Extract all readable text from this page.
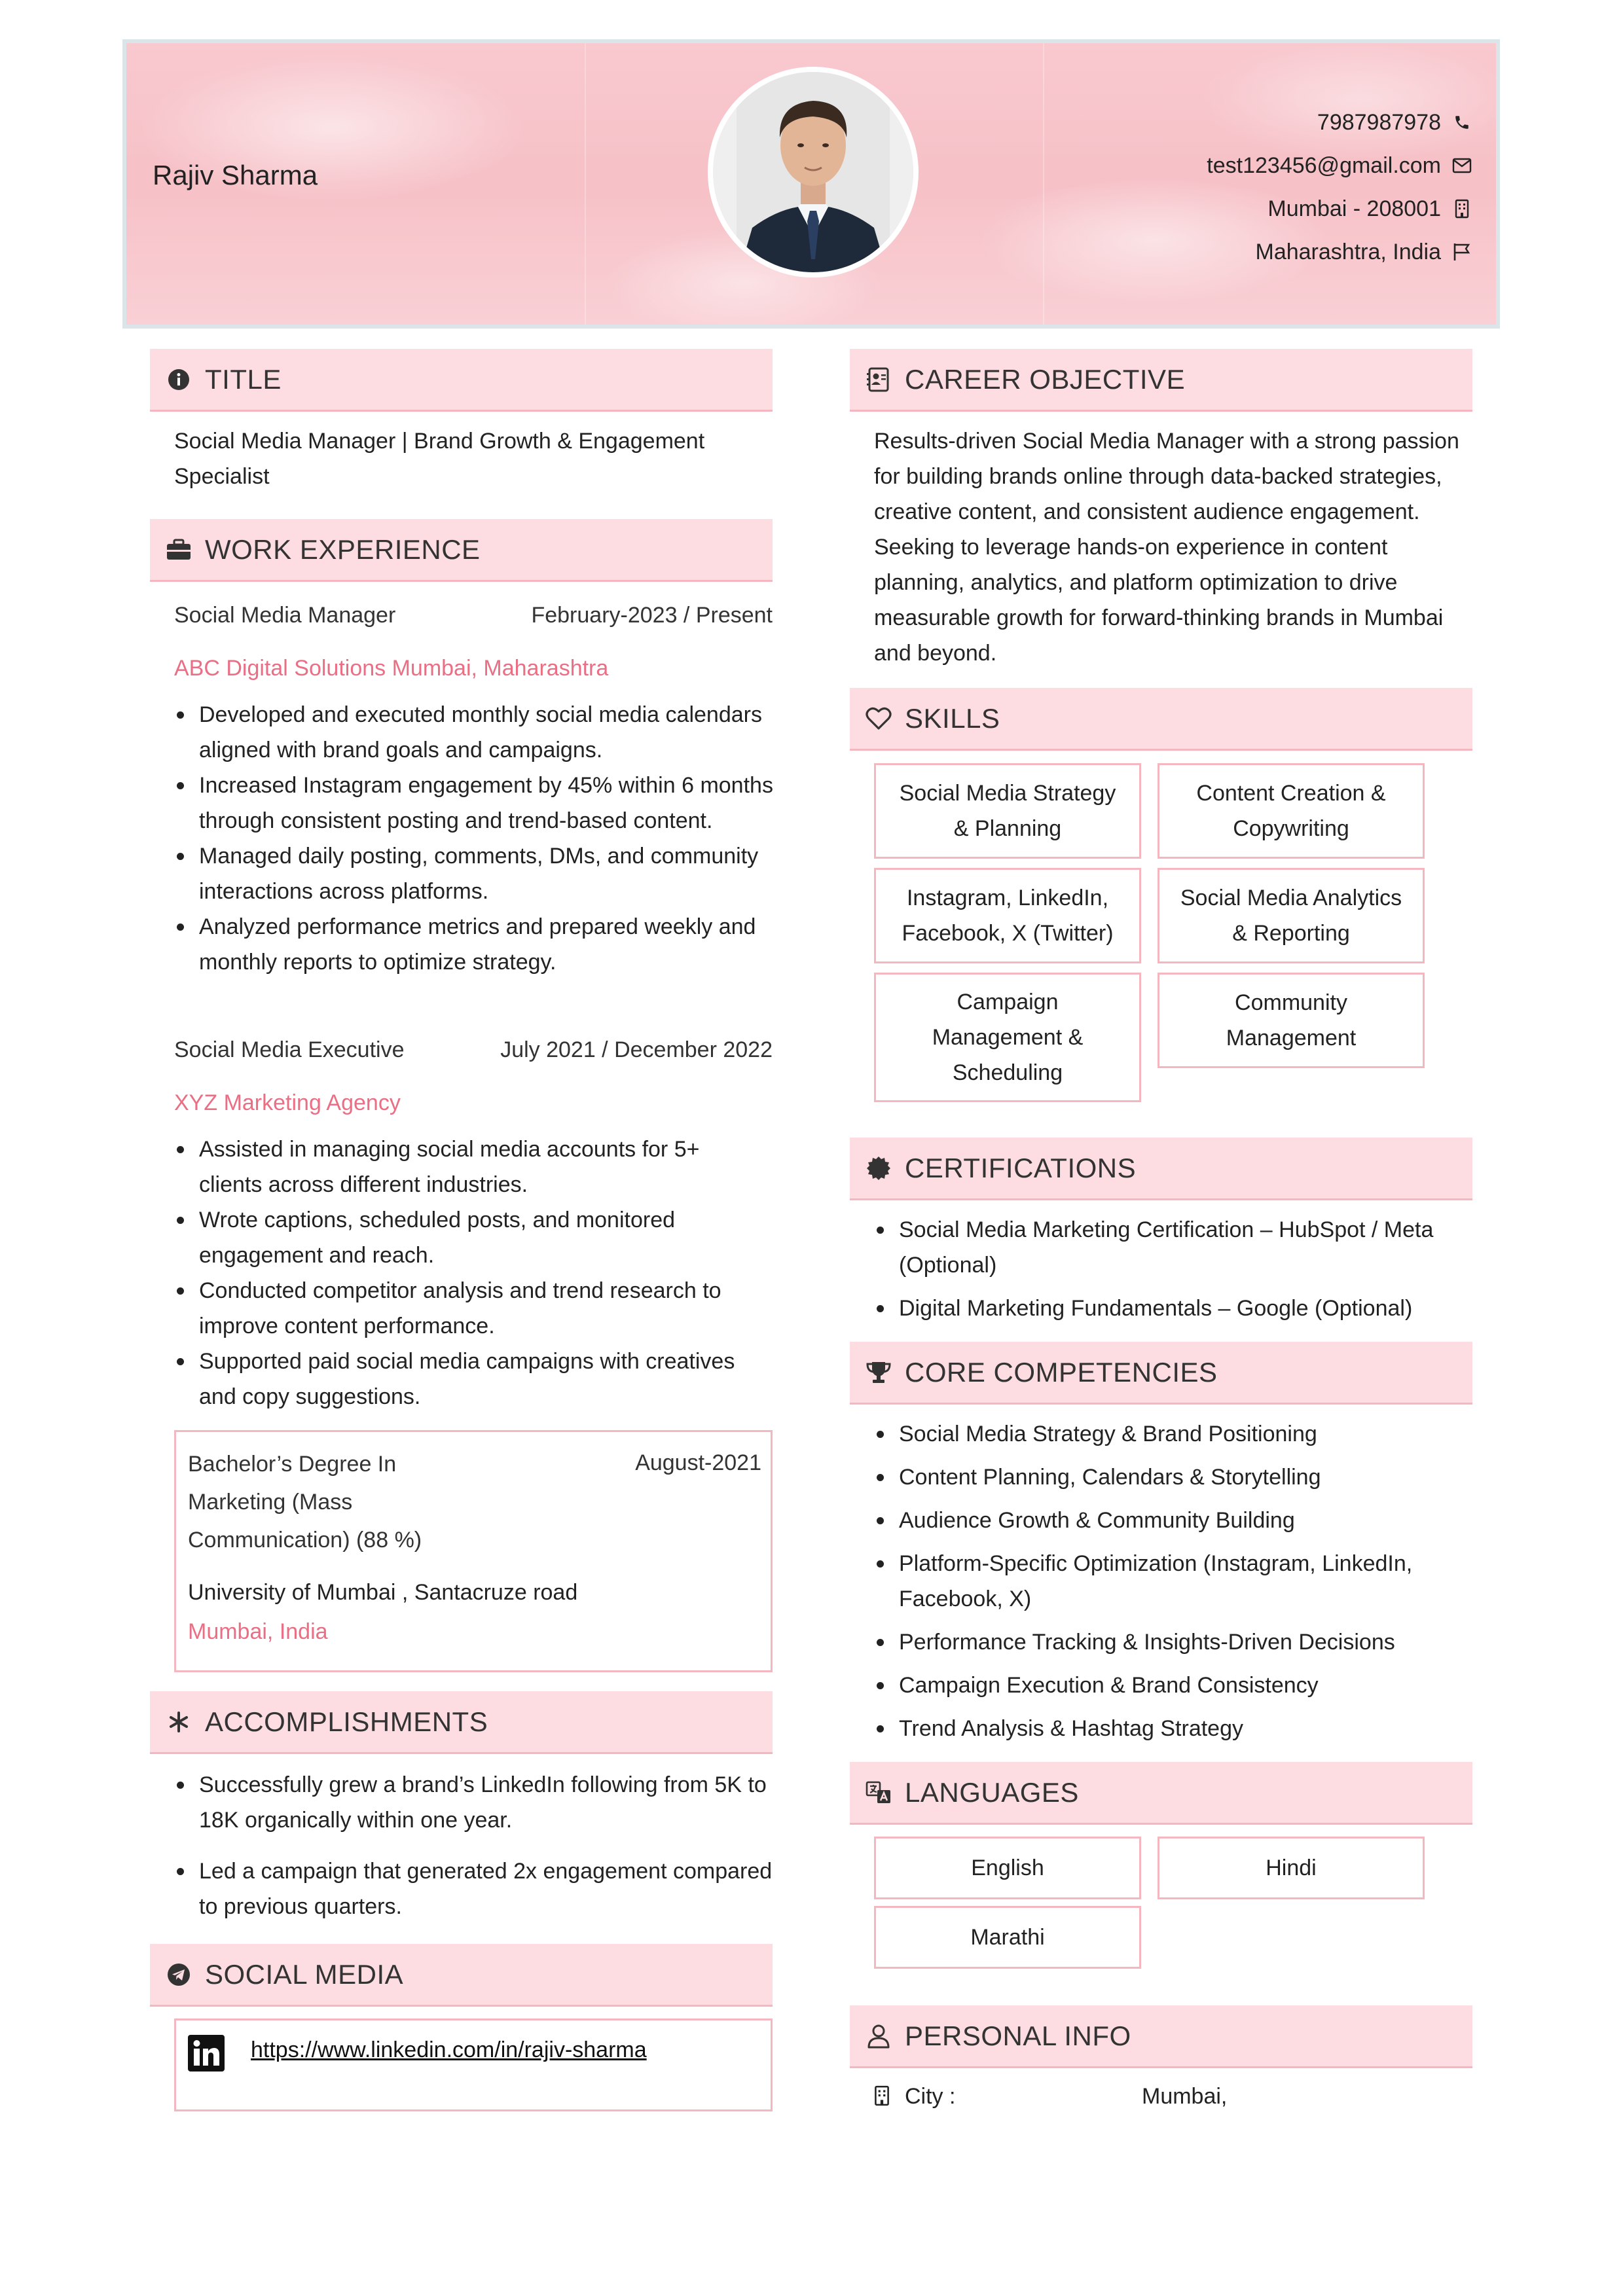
Rajiv Sharma
7987987978
test123456@gmail.com
Mumbai - 208001
Maharashtra, India
TITLE
Social Media Manager | Brand Growth & Engagement Specialist
WORK EXPERIENCE
Social Media Manager	February-2023 / Present
ABC Digital Solutions Mumbai, Maharashtra
Developed and executed monthly social media calendars aligned with brand goals and campaigns.
Increased Instagram engagement by 45% within 6 months through consistent posting and trend-based content.
Managed daily posting, comments, DMs, and community interactions across platforms.
Analyzed performance metrics and prepared weekly and monthly reports to optimize strategy.
Social Media Executive	July 2021 / December 2022
XYZ Marketing Agency
Assisted in managing social media accounts for 5+ clients across different industries.
Wrote captions, scheduled posts, and monitored engagement and reach.
Conducted competitor analysis and trend research to improve content performance.
Supported paid social media campaigns with creatives and copy suggestions.
Bachelor’s Degree In Marketing (Mass Communication) (88 %)
August-2021
University of Mumbai , Santacruze road
Mumbai, India
ACCOMPLISHMENTS
Successfully grew a brand’s LinkedIn following from 5K to 18K organically within one year.
Led a campaign that generated 2x engagement compared to previous quarters.
SOCIAL MEDIA
https://www.linkedin.com/in/rajiv-sharma
CAREER OBJECTIVE
Results-driven Social Media Manager with a strong passion for building brands online through data-backed strategies, creative content, and consistent audience engagement. Seeking to leverage hands-on experience in content planning, analytics, and platform optimization to drive measurable growth for forward-thinking brands in Mumbai and beyond.
SKILLS
Social Media Strategy & Planning
Content Creation & Copywriting
Instagram, LinkedIn, Facebook, X (Twitter)
Social Media Analytics & Reporting
Campaign Management & Scheduling
Community Management
CERTIFICATIONS
Social Media Marketing Certification – HubSpot / Meta (Optional)
Digital Marketing Fundamentals – Google (Optional)
CORE COMPETENCIES
Social Media Strategy & Brand Positioning
Content Planning, Calendars & Storytelling
Audience Growth & Community Building
Platform-Specific Optimization (Instagram, LinkedIn, Facebook, X)
Performance Tracking & Insights-Driven Decisions
Campaign Execution & Brand Consistency
Trend Analysis & Hashtag Strategy
LANGUAGES
English	Hindi
Marathi
PERSONAL INFO
City :	Mumbai,
